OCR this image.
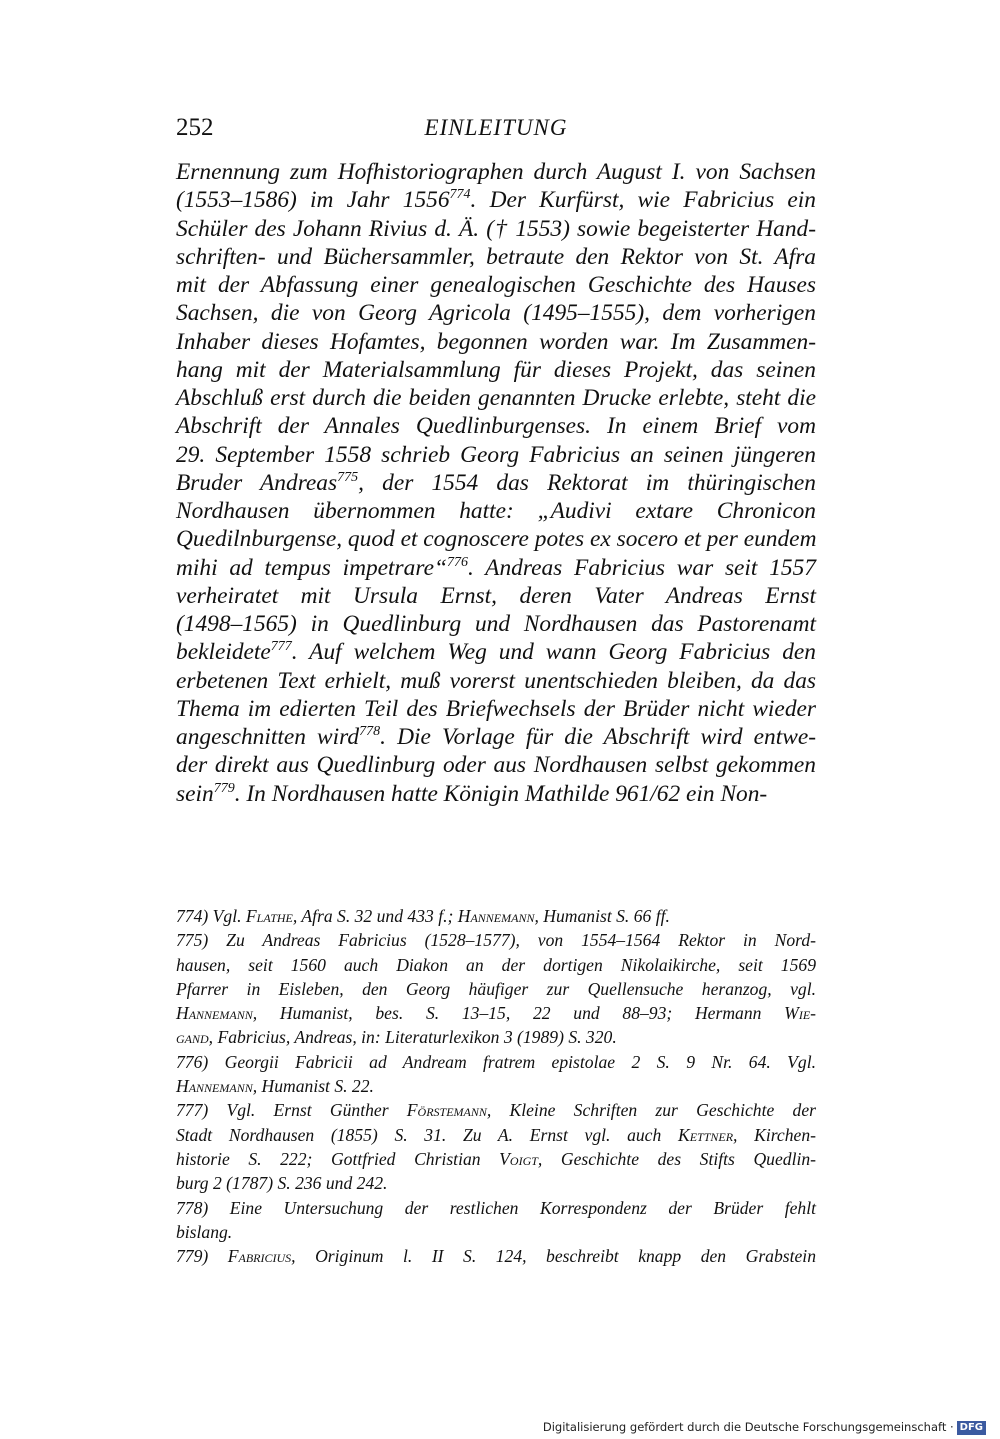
252	EINLEITUNG
Ernennung zum Hofhistoriographen durch August I. von Sachsen
(1553–1586) im Jahr 1556$^{774}$. Der Kurfürst, wie Fabricius ein
Schüler des Johann Rivius d. Ä. († 1553) sowie begeisterter Hand-
schriften- und Büchersammler, betraute den Rektor von St. Afra
mit der Abfassung einer genealogischen Geschichte des Hauses
Sachsen, die von Georg Agricola (1495–1555), dem vorherigen
Inhaber dieses Hofamtes, begonnen worden war. Im Zusammen-
hang mit der Materialsammlung für dieses Projekt, das seinen
Abschluß erst durch die beiden genannten Drucke erlebte, steht die
Abschrift der Annales Quedlinburgenses. In einem Brief vom
29. September 1558 schrieb Georg Fabricius an seinen jüngeren
Bruder Andreas$^{775}$, der 1554 das Rektorat im thüringischen
Nordhausen übernommen hatte: „Audivi extare Chronicon
Quedilnburgense, quod et cognoscere potes ex socero et per eundem
mihi ad tempus impetrare“$^{776}$. Andreas Fabricius war seit 1557
verheiratet mit Ursula Ernst, deren Vater Andreas Ernst
(1498–1565) in Quedlinburg und Nordhausen das Pastorenamt
bekleidete$^{777}$. Auf welchem Weg und wann Georg Fabricius den
erbetenen Text erhielt, muß vorerst unentschieden bleiben, da das
Thema im edierten Teil des Briefwechsels der Brüder nicht wieder
angeschnitten wird$^{778}$. Die Vorlage für die Abschrift wird entwe-
der direkt aus Quedlinburg oder aus Nordhausen selbst gekommen
sein$^{779}$. In Nordhausen hatte Königin Mathilde 961/62 ein Non-
774) Vgl. Flathe, Afra S. 32 und 433 f.; Hannemann, Humanist S. 66 ff.
775) Zu Andreas Fabricius (1528–1577), von 1554–1564 Rektor in Nord-
hausen, seit 1560 auch Diakon an der dortigen Nikolaikirche, seit 1569
Pfarrer in Eisleben, den Georg häufiger zur Quellensuche heranzog, vgl.
Hannemann, Humanist, bes. S. 13–15, 22 und 88–93; Hermann Wie-
gand, Fabricius, Andreas, in: Literaturlexikon 3 (1989) S. 320.
776) Georgii Fabricii ad Andream fratrem epistolae 2 S. 9 Nr. 64. Vgl.
Hannemann, Humanist S. 22.
777) Vgl. Ernst Günther Förstemann, Kleine Schriften zur Geschichte der
Stadt Nordhausen (1855) S. 31. Zu A. Ernst vgl. auch Kettner, Kirchen-
historie S. 222; Gottfried Christian Voigt, Geschichte des Stifts Quedlin-
burg 2 (1787) S. 236 und 242.
778) Eine Untersuchung der restlichen Korrespondenz der Brüder fehlt
bislang.
779) Fabricius, Originum l. II S. 124, beschreibt knapp den Grabstein
Digitalisierung gefördert durch die Deutsche Forschungsgemeinschaft · DFG
